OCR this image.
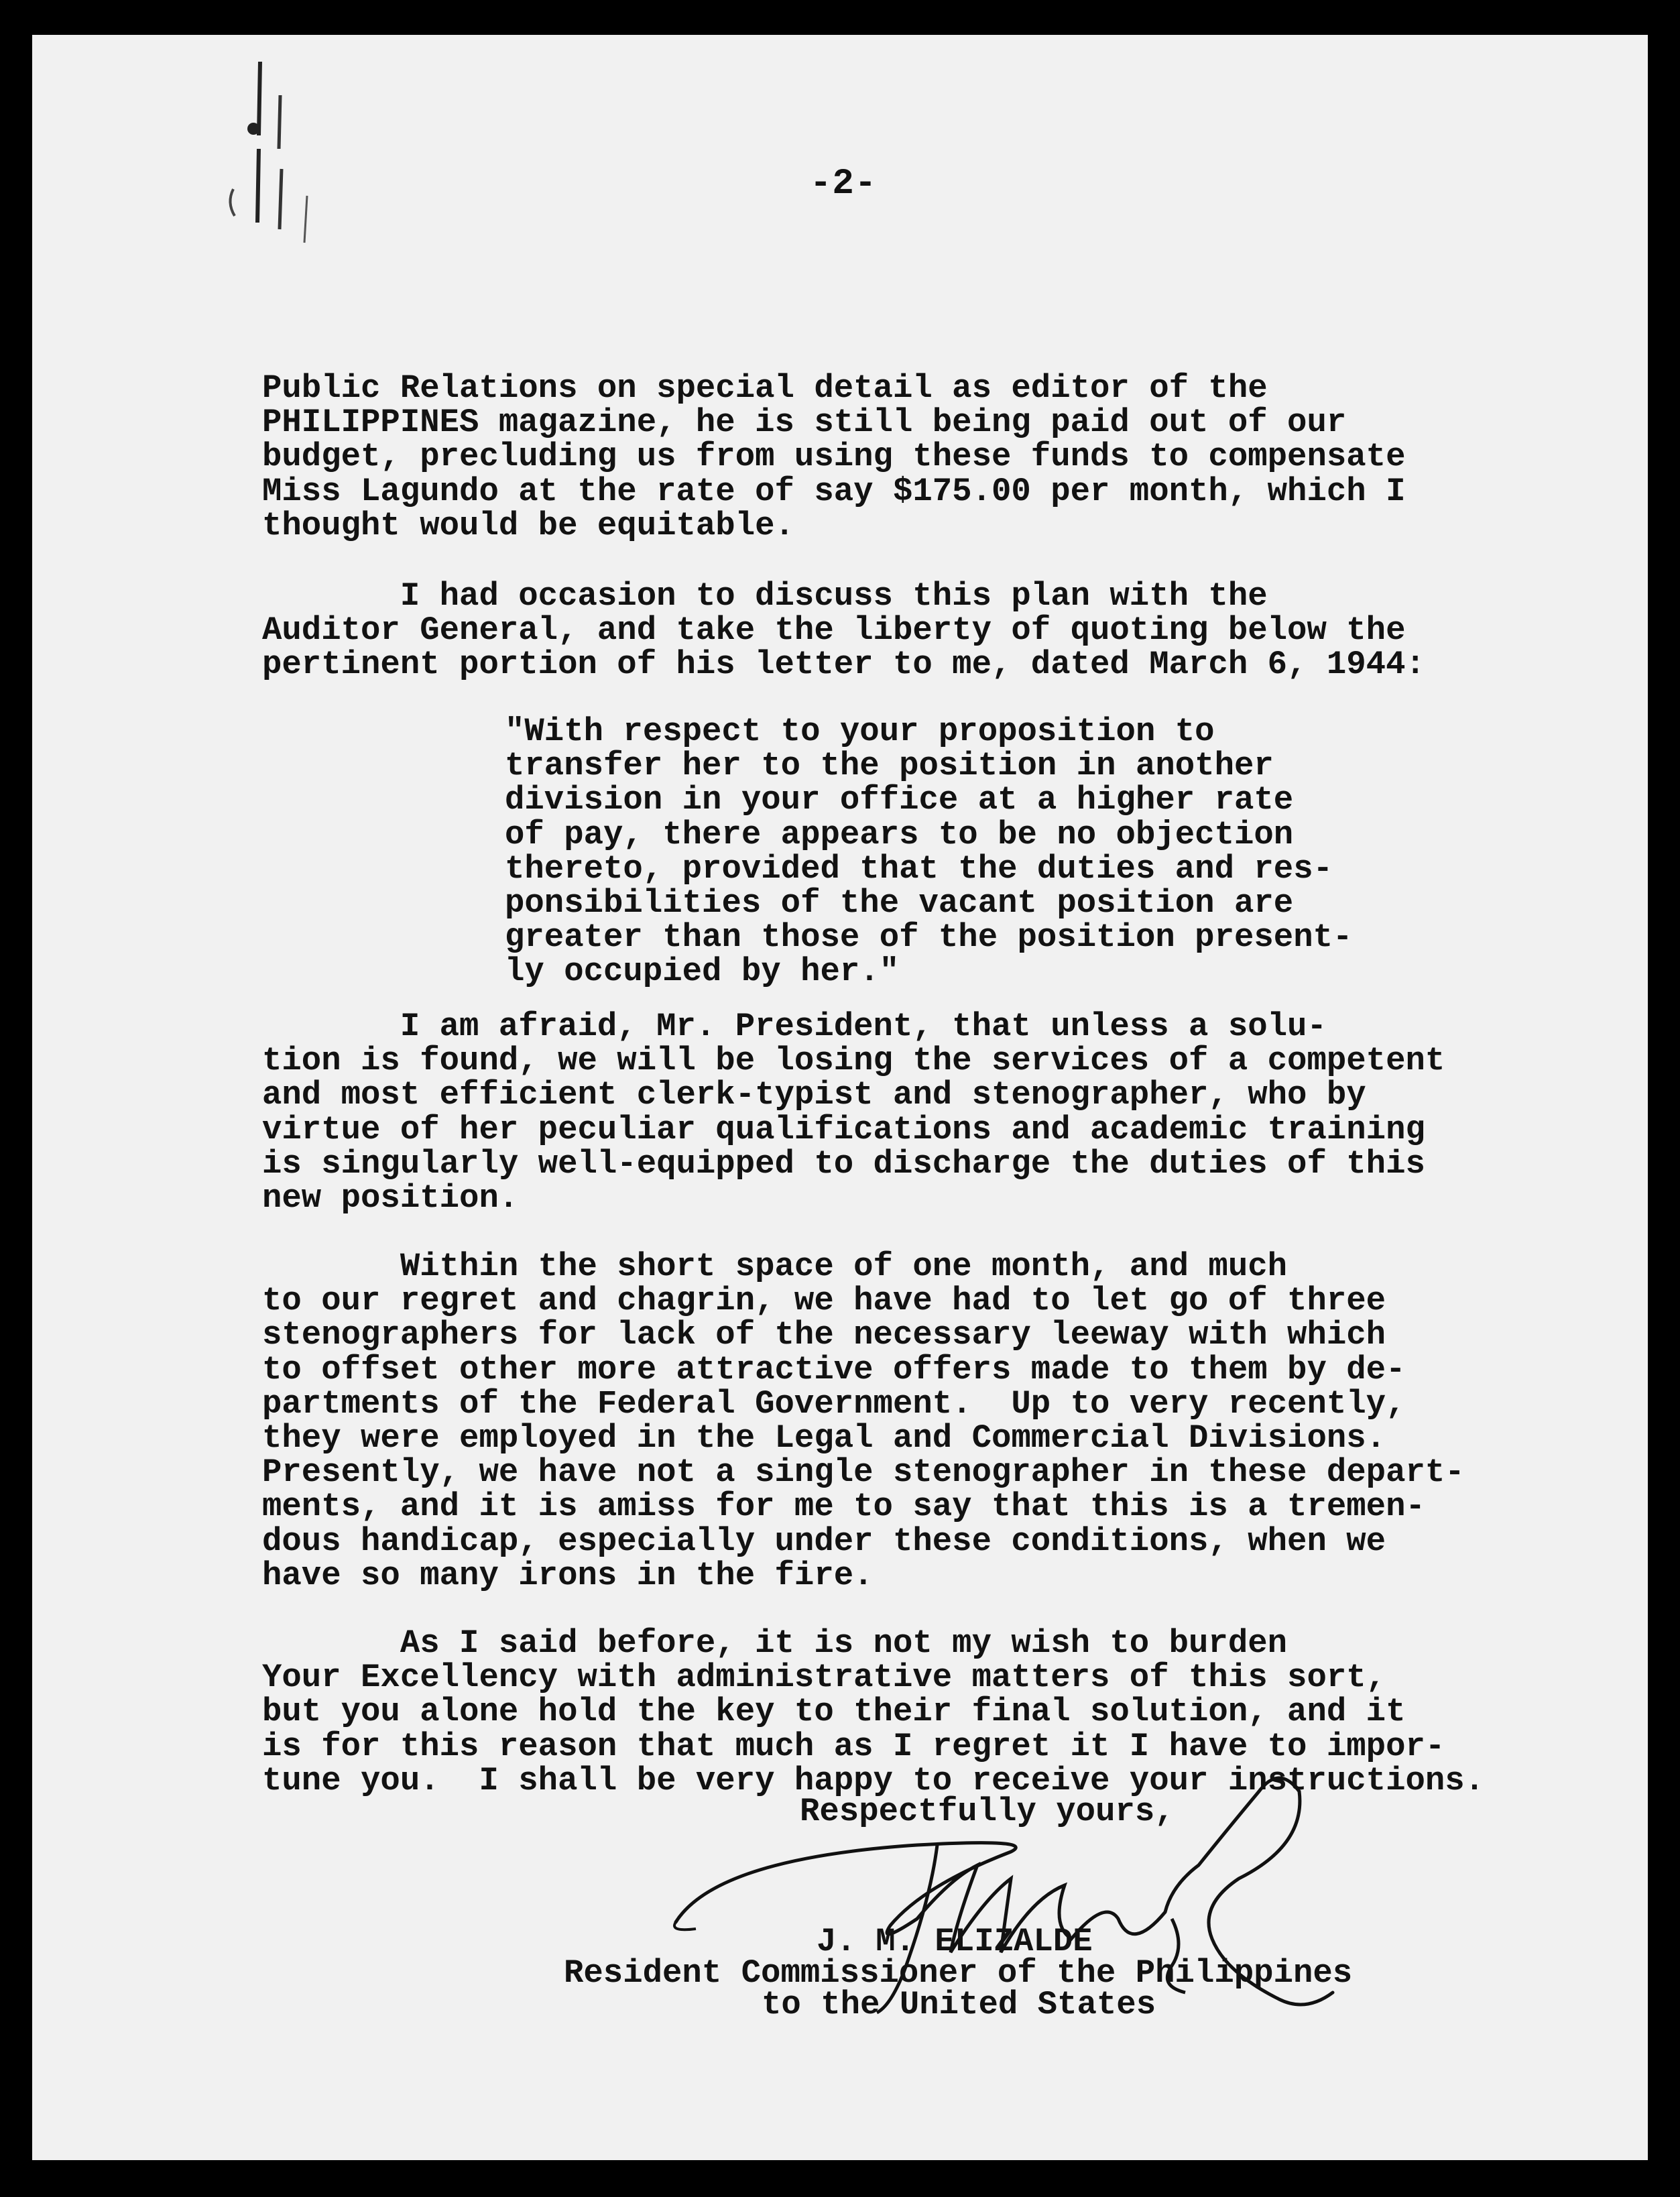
-2-
Public Relations on special detail as editor of the
PHILIPPINES magazine, he is still being paid out of our
budget, precluding us from using these funds to compensate
Miss Lagundo at the rate of say $175.00 per month, which I
thought would be equitable.
I had occasion to discuss this plan with the
Auditor General, and take the liberty of quoting below the
pertinent portion of his letter to me, dated March 6, 1944:
"With respect to your proposition to
transfer her to the position in another
division in your office at a higher rate
of pay, there appears to be no objection
thereto, provided that the duties and res-
ponsibilities of the vacant position are
greater than those of the position present-
ly occupied by her."
I am afraid, Mr. President, that unless a solu-
tion is found, we will be losing the services of a competent
and most efficient clerk-typist and stenographer, who by
virtue of her peculiar qualifications and academic training
is singularly well-equipped to discharge the duties of this
new position.
Within the short space of one month, and much
to our regret and chagrin, we have had to let go of three
stenographers for lack of the necessary leeway with which
to offset other more attractive offers made to them by de-
partments of the Federal Government.  Up to very recently,
they were employed in the Legal and Commercial Divisions.
Presently, we have not a single stenographer in these depart-
ments, and it is amiss for me to say that this is a tremen-
dous handicap, especially under these conditions, when we
have so many irons in the fire.
As I said before, it is not my wish to burden
Your Excellency with administrative matters of this sort,
but you alone hold the key to their final solution, and it
is for this reason that much as I regret it I have to impor-
tune you.  I shall be very happy to receive your instructions.
Respectfully yours,
J. M. ELIZALDE
Resident Commissioner of the Philippines
to the United States
